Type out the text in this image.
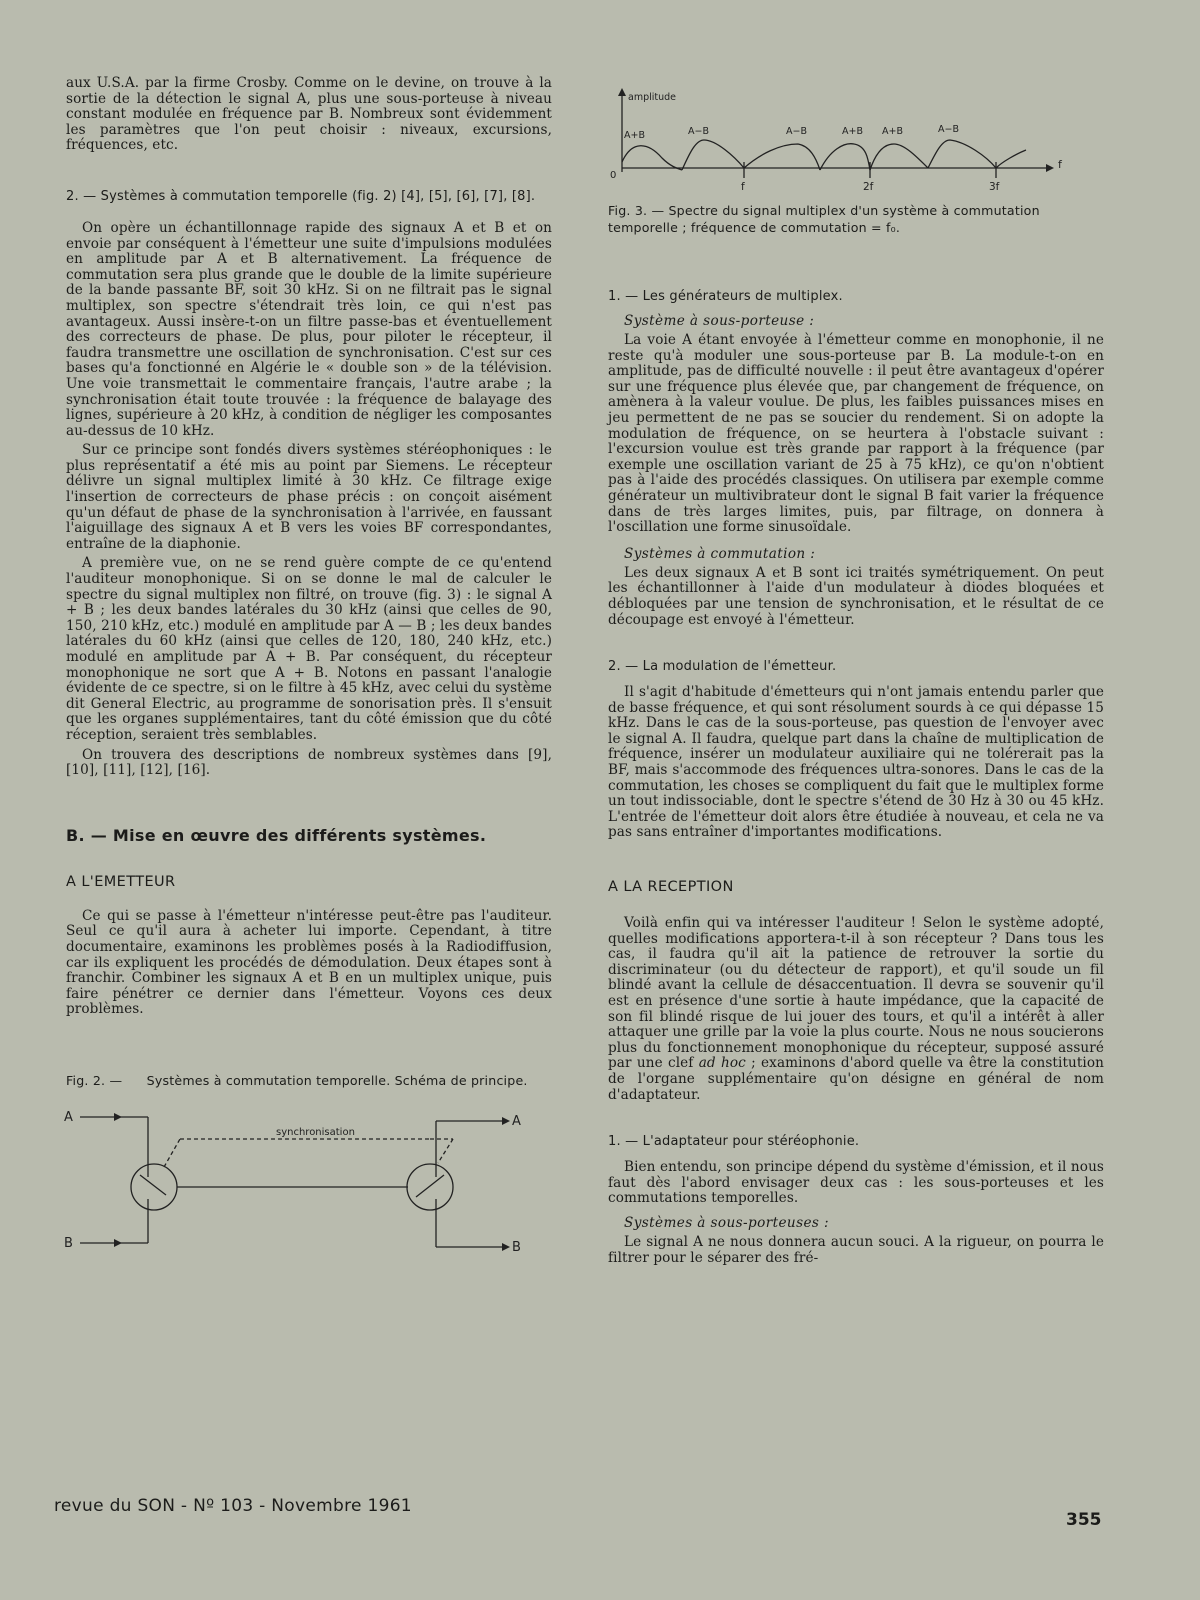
aux U.S.A. par la firme Crosby. Comme on le devine, on trouve à la sortie de la détection le signal A, plus une sous-porteuse à niveau constant modulée en fréquence par B. Nombreux sont évidemment les paramètres que l'on peut choisir : niveaux, excursions, fréquences, etc.

2. — Systèmes à commutation temporelle (fig. 2) [4], [5], [6], [7], [8].

On opère un échantillonnage rapide des signaux A et B et on envoie par conséquent à l'émetteur une suite d'impulsions modulées en amplitude par A et B alternativement. La fréquence de commutation sera plus grande que le double de la limite supérieure de la bande passante BF, soit 30 kHz. Si on ne filtrait pas le signal multiplex, son spectre s'étendrait très loin, ce qui n'est pas avantageux. Aussi insère-t-on un filtre passe-bas et éventuellement des correcteurs de phase. De plus, pour piloter le récepteur, il faudra transmettre une oscillation de synchronisation. C'est sur ces bases qu'a fonctionné en Algérie le « double son » de la télévision. Une voie transmettait le commentaire français, l'autre arabe ; la synchronisation était toute trouvée : la fréquence de balayage des lignes, supérieure à 20 kHz, à condition de négliger les composantes au-dessus de 10 kHz.

Sur ce principe sont fondés divers systèmes stéréophoniques : le plus représentatif a été mis au point par Siemens. Le récepteur délivre un signal multiplex limité à 30 kHz. Ce filtrage exige l'insertion de correcteurs de phase précis : on conçoit aisément qu'un défaut de phase de la synchronisation à l'arrivée, en faussant l'aiguillage des signaux A et B vers les voies BF correspondantes, entraîne de la diaphonie.

A première vue, on ne se rend guère compte de ce qu'entend l'auditeur monophonique. Si on se donne le mal de calculer le spectre du signal multiplex non filtré, on trouve (fig. 3) : le signal A + B ; les deux bandes latérales du 30 kHz (ainsi que celles de 90, 150, 210 kHz, etc.) modulé en amplitude par A — B ; les deux bandes latérales du 60 kHz (ainsi que celles de 120, 180, 240 kHz, etc.) modulé en amplitude par A + B. Par conséquent, du récepteur monophonique ne sort que A + B. Notons en passant l'analogie évidente de ce spectre, si on le filtre à 45 kHz, avec celui du système dit General Electric, au programme de sonorisation près. Il s'ensuit que les organes supplémentaires, tant du côté émission que du côté réception, seraient très semblables.

On trouvera des descriptions de nombreux systèmes dans [9], [10], [11], [12], [16].

B. — Mise en œuvre des différents systèmes.

A L'EMETTEUR

Ce qui se passe à l'émetteur n'intéresse peut-être pas l'auditeur. Seul ce qu'il aura à acheter lui importe. Cependant, à titre documentaire, examinons les problèmes posés à la Radiodiffusion, car ils expliquent les procédés de démodulation. Deux étapes sont à franchir. Combiner les signaux A et B en un multiplex unique, puis faire pénétrer ce dernier dans l'émetteur. Voyons ces deux problèmes.

Fig. 2. — Systèmes à commutation temporelle. Schéma de principe.

A
B
A
B
synchronisation
amplitude
0
f
f	2f	3f
A+B	A−B	A−B	A+B A+B	A−B

Fig. 3. — Spectre du signal multiplex d'un système à commutation temporelle ; fréquence de commutation = f₀.

1. — Les générateurs de multiplex.

Système à sous-porteuse :

La voie A étant envoyée à l'émetteur comme en monophonie, il ne reste qu'à moduler une sous-porteuse par B. La module-t-on en amplitude, pas de difficulté nouvelle : il peut être avantageux d'opérer sur une fréquence plus élevée que, par changement de fréquence, on amènera à la valeur voulue. De plus, les faibles puissances mises en jeu permettent de ne pas se soucier du rendement. Si on adopte la modulation de fréquence, on se heurtera à l'obstacle suivant : l'excursion voulue est très grande par rapport à la fréquence (par exemple une oscillation variant de 25 à 75 kHz), ce qu'on n'obtient pas à l'aide des procédés classiques. On utilisera par exemple comme générateur un multivibrateur dont le signal B fait varier la fréquence dans de très larges limites, puis, par filtrage, on donnera à l'oscillation une forme sinusoïdale.

Systèmes à commutation :

Les deux signaux A et B sont ici traités symétriquement. On peut les échantillonner à l'aide d'un modulateur à diodes bloquées et débloquées par une tension de synchronisation, et le résultat de ce découpage est envoyé à l'émetteur.

2. — La modulation de l'émetteur.

Il s'agit d'habitude d'émetteurs qui n'ont jamais entendu parler que de basse fréquence, et qui sont résolument sourds à ce qui dépasse 15 kHz. Dans le cas de la sous-porteuse, pas question de l'envoyer avec le signal A. Il faudra, quelque part dans la chaîne de multiplication de fréquence, insérer un modulateur auxiliaire qui ne tolérerait pas la BF, mais s'accommode des fréquences ultra-sonores. Dans le cas de la commutation, les choses se compliquent du fait que le multiplex forme un tout indissociable, dont le spectre s'étend de 30 Hz à 30 ou 45 kHz. L'entrée de l'émetteur doit alors être étudiée à nouveau, et cela ne va pas sans entraîner d'importantes modifications.

A LA RECEPTION

Voilà enfin qui va intéresser l'auditeur ! Selon le système adopté, quelles modifications apportera-t-il à son récepteur ? Dans tous les cas, il faudra qu'il ait la patience de retrouver la sortie du discriminateur (ou du détecteur de rapport), et qu'il soude un fil blindé avant la cellule de désaccentuation. Il devra se souvenir qu'il est en présence d'une sortie à haute impédance, que la capacité de son fil blindé risque de lui jouer des tours, et qu'il a intérêt à aller attaquer une grille par la voie la plus courte. Nous ne nous soucierons plus du fonctionnement monophonique du récepteur, supposé assuré par une clef ad hoc ; examinons d'abord quelle va être la constitution de l'organe supplémentaire qu'on désigne en général de nom d'adaptateur.

1. — L'adaptateur pour stéréophonie.

Bien entendu, son principe dépend du système d'émission, et il nous faut dès l'abord envisager deux cas : les sous-porteuses et les commutations temporelles.

Systèmes à sous-porteuses :

Le signal A ne nous donnera aucun souci. A la rigueur, on pourra le filtrer pour le séparer des fré-

revue du SON - Nº 103 - Novembre 1961
355
